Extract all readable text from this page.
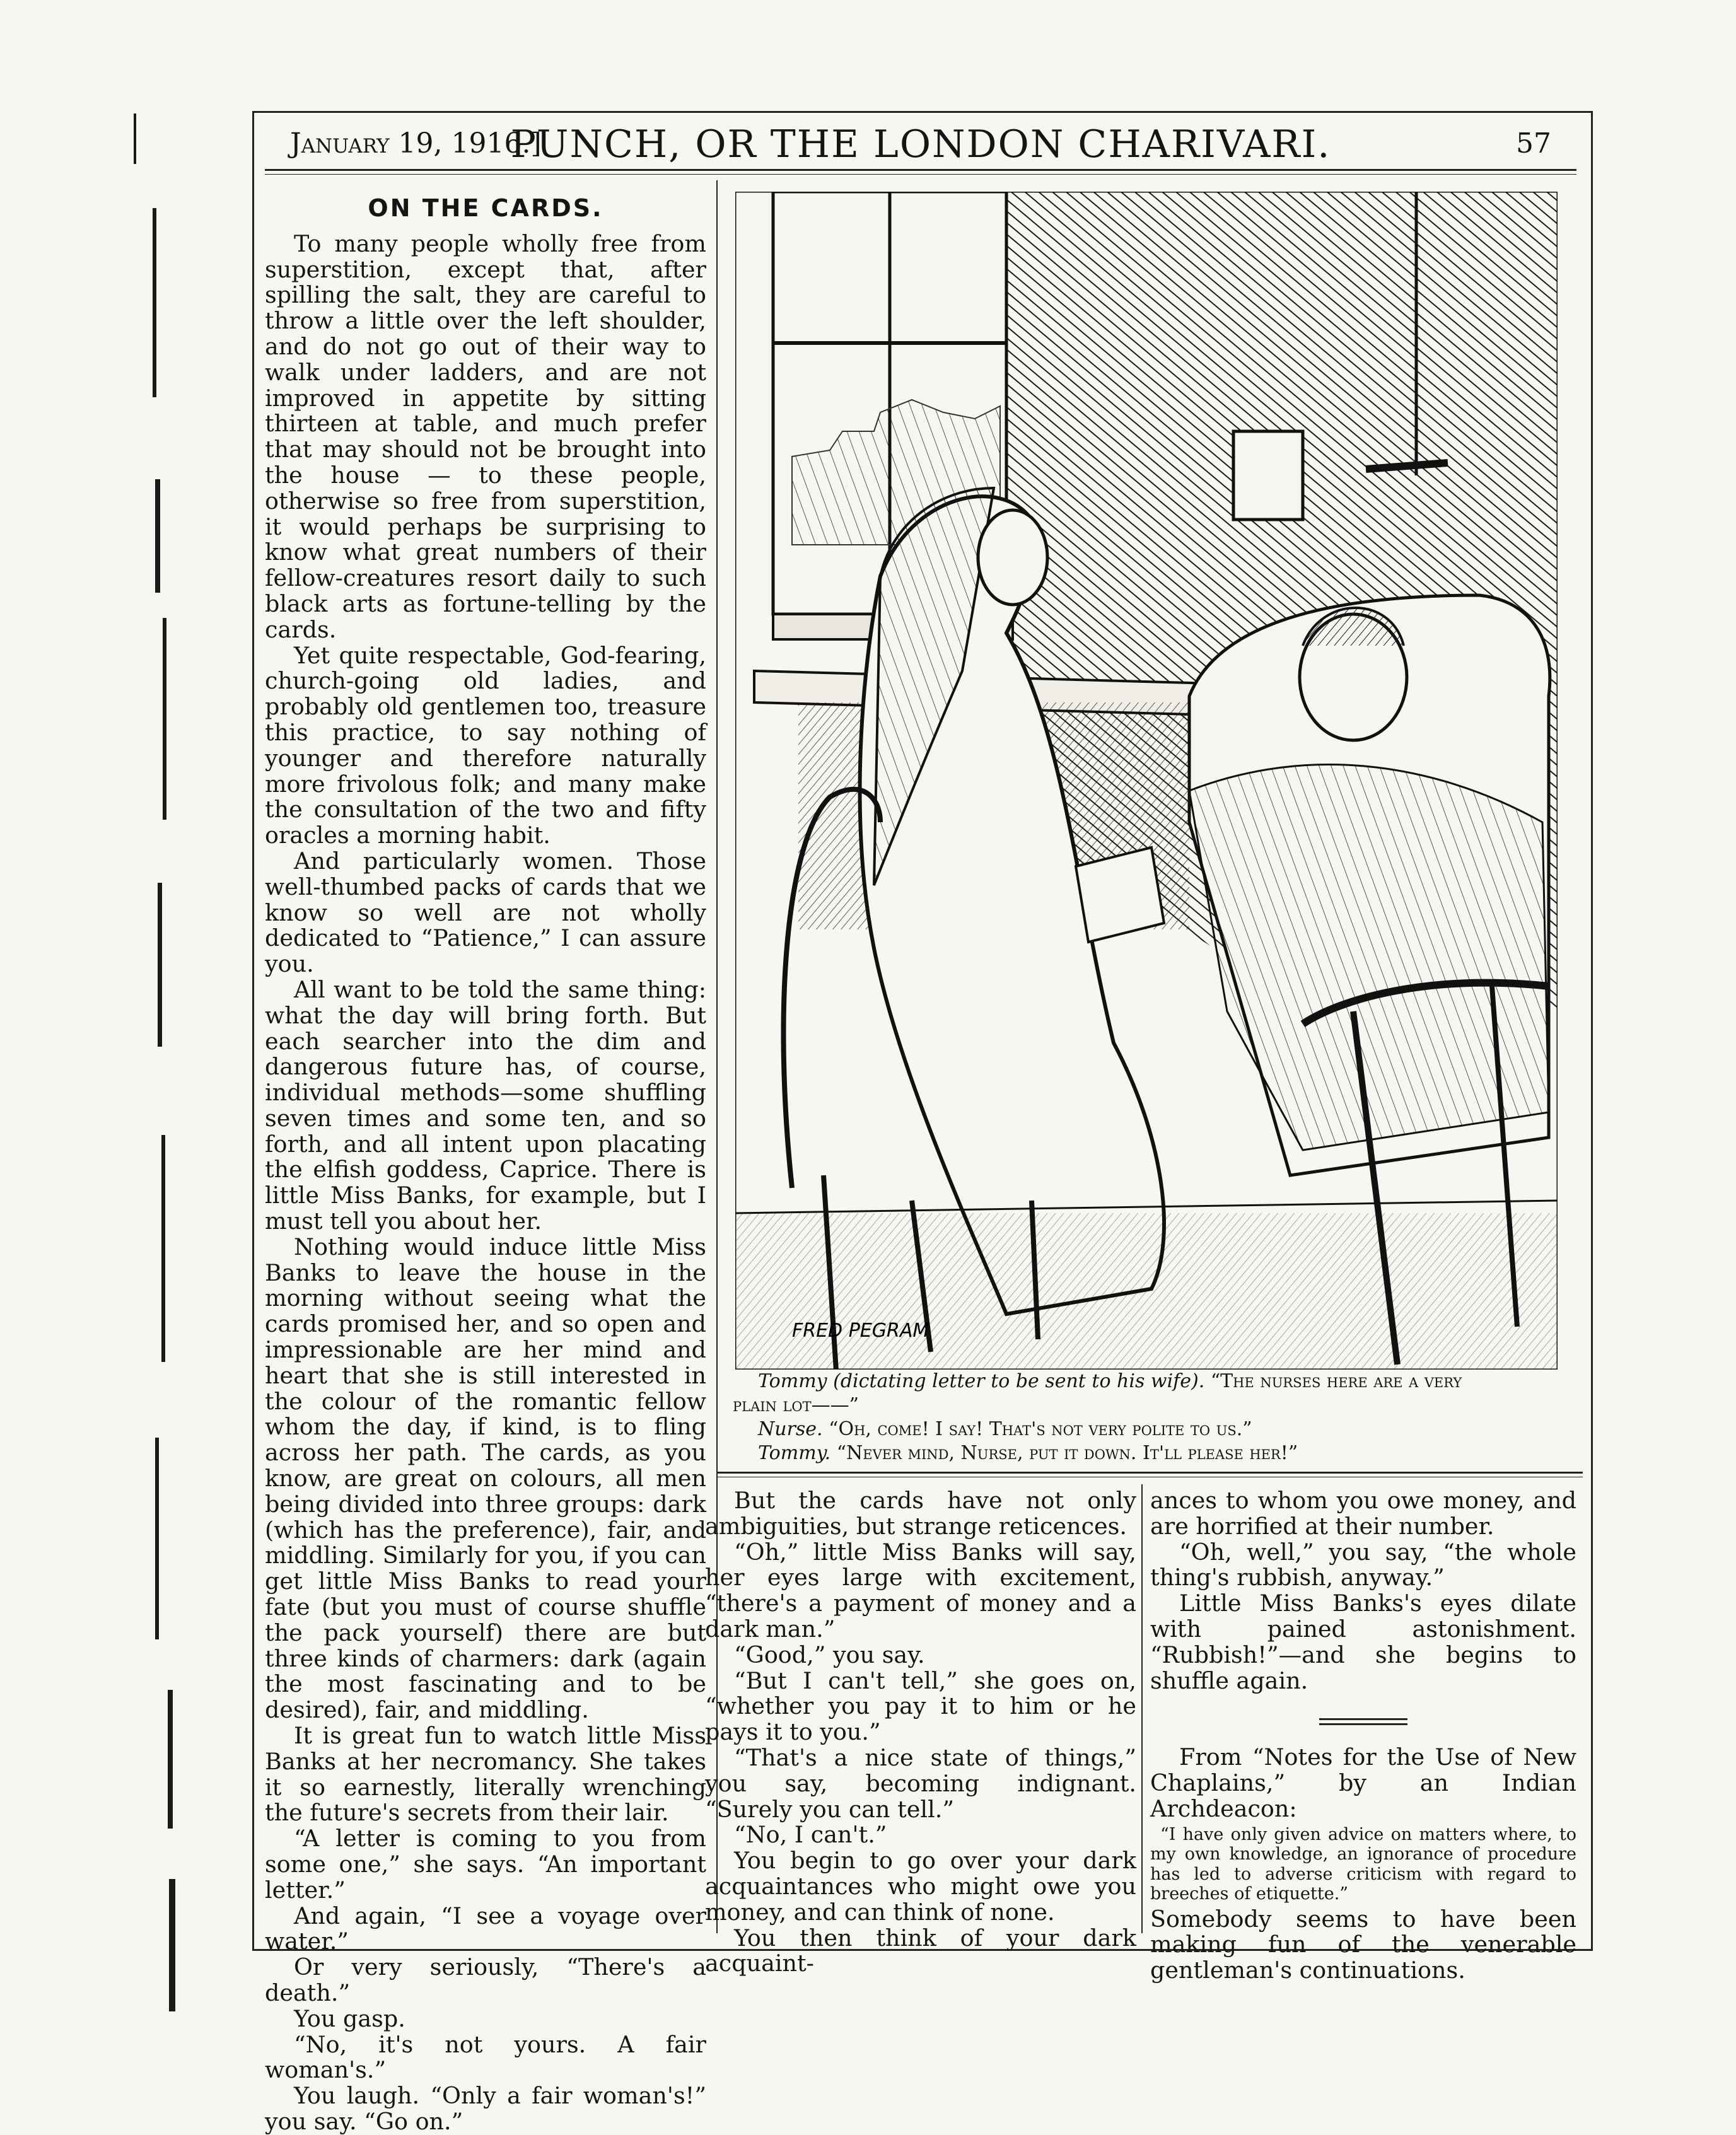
January 19, 1916.]
PUNCH, OR THE LONDON CHARIVARI.	57
ON THE CARDS.

To many people wholly free from superstition, except that, after spilling the salt, they are careful to throw a little over the left shoulder, and do not go out of their way to walk under ladders, and are not improved in appetite by sitting thirteen at table, and much prefer that may should not be brought into the house — to these people, otherwise so free from superstition, it would perhaps be surprising to know what great numbers of their fellow-creatures resort daily to such black arts as fortune-telling by the cards.

Yet quite respectable, God-fearing, church-going old ladies, and probably old gentlemen too, treasure this practice, to say nothing of younger and therefore naturally more frivolous folk; and many make the consultation of the two and fifty oracles a morning habit.

And particularly women. Those well-thumbed packs of cards that we know so well are not wholly dedicated to “Patience,” I can assure you.

All want to be told the same thing: what the day will bring forth. But each searcher into the dim and dangerous future has, of course, individual methods—some shuffling seven times and some ten, and so forth, and all intent upon placating the elfish goddess, Caprice. There is little Miss Banks, for example, but I must tell you about her.

Nothing would induce little Miss Banks to leave the house in the morning without seeing what the cards promised her, and so open and impressionable are her mind and heart that she is still interested in the colour of the romantic fellow whom the day, if kind, is to fling across her path. The cards, as you know, are great on colours, all men being divided into three groups: dark (which has the preference), fair, and middling. Similarly for you, if you can get little Miss Banks to read your fate (but you must of course shuffle the pack yourself) there are but three kinds of charmers: dark (again the most fascinating and to be desired), fair, and middling.

It is great fun to watch little Miss Banks at her necromancy. She takes it so earnestly, literally wrenching the future's secrets from their lair.

“A letter is coming to you from some one,” she says. “An important letter.”

And again, “I see a voyage over water.”

Or very seriously, “There's a death.”

You gasp.

“No, it's not yours. A fair woman's.”

You laugh. “Only a fair woman's!” you say. “Go on.”

FRED PEGRAM
Tommy (dictating letter to be sent to his wife). “The nurses here are a very
plain lot——”
Nurse. “Oh, come! I say! That's not very polite to us.”
Tommy. “Never mind, Nurse, put it down. It'll please her!”

But the cards have not only ambiguities, but strange reticences.

“Oh,” little Miss Banks will say, her eyes large with excitement, “there's a payment of money and a dark man.”

“Good,” you say.

“But I can't tell,” she goes on, “whether you pay it to him or he pays it to you.”

“That's a nice state of things,” you say, becoming indignant. “Surely you can tell.”

“No, I can't.”

You begin to go over your dark acquaintances who might owe you money, and can think of none.

You then think of your dark acquaint-

ances to whom you owe money, and are horrified at their number.

“Oh, well,” you say, “the whole thing's rubbish, anyway.”

Little Miss Banks's eyes dilate with pained astonishment. “Rubbish!”—and she begins to shuffle again.

From “Notes for the Use of New Chaplains,” by an Indian Archdeacon:

“I have only given advice on matters where, to my own knowledge, an ignorance of procedure has led to adverse criticism with regard to breeches of etiquette.”

Somebody seems to have been making fun of the venerable gentleman's continuations.
